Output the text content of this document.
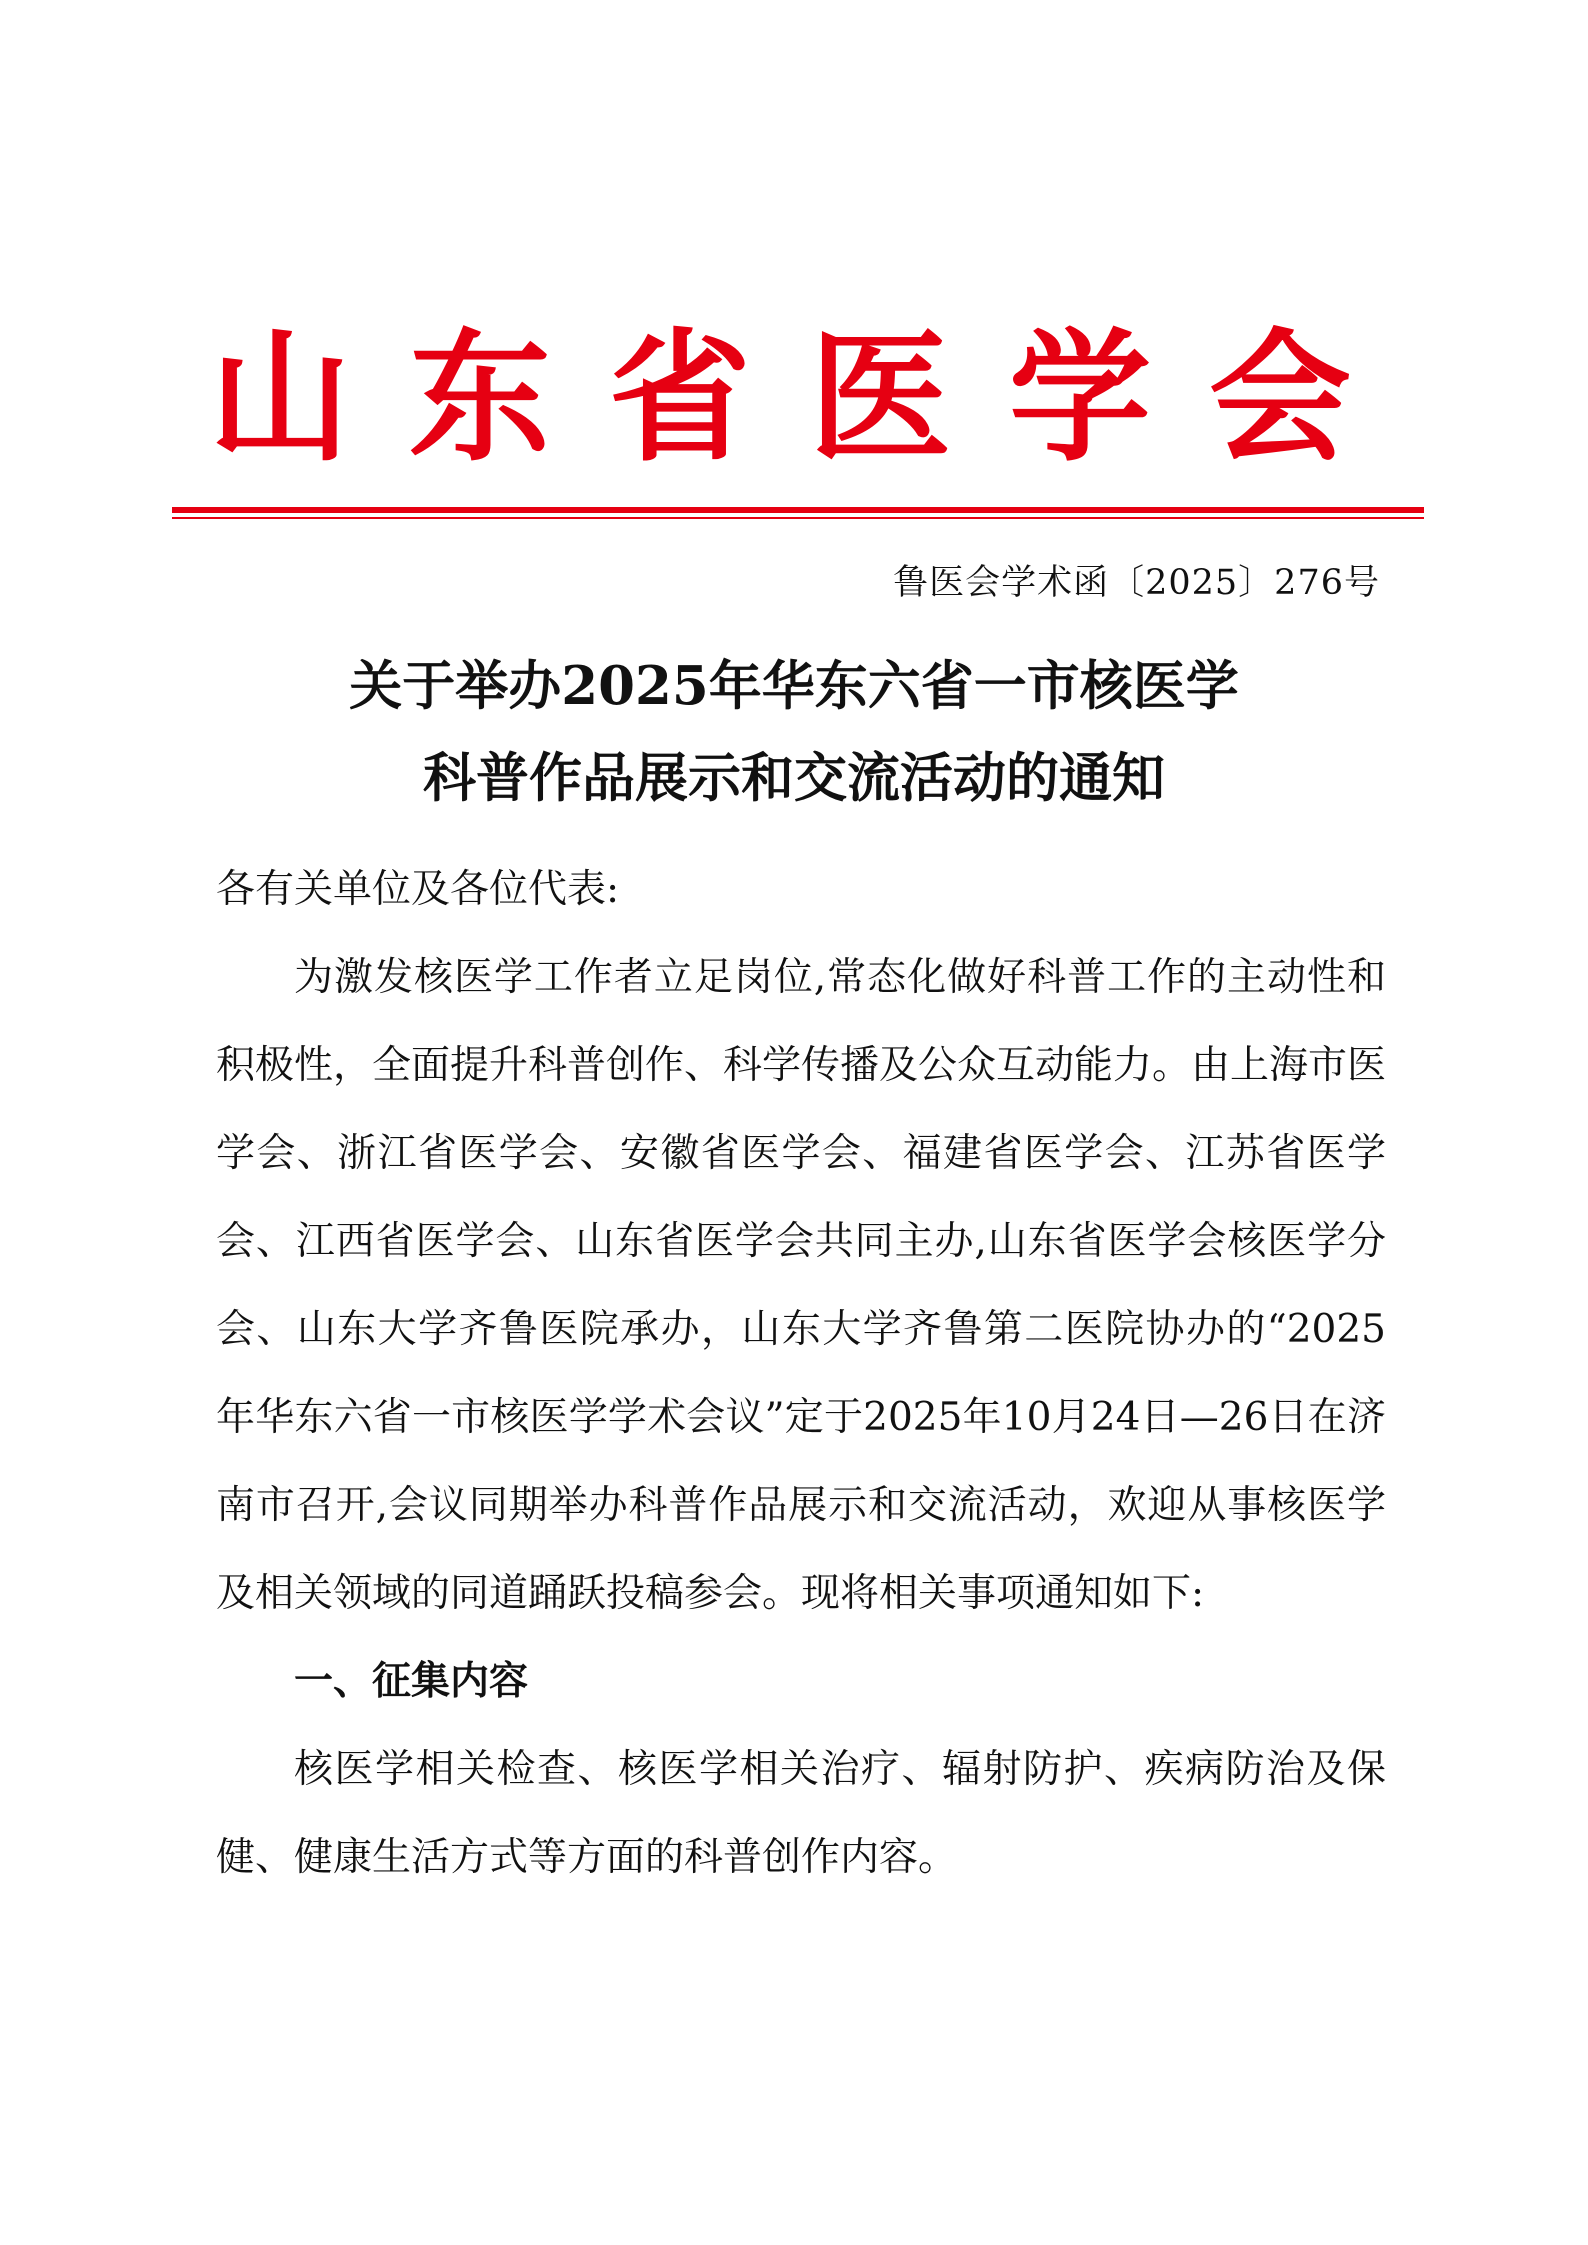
山东省医学会
鲁医会学术函〔2025〕276号
关于举办2025年华东六省一市核医学
科普作品展示和交流活动的通知

各有关单位及各位代表:

为激发核医学工作者立足岗位,常态化做好科普工作的主动性和积极性，全面提升科普创作、科学传播及公众互动能力。由上海市医学会、浙江省医学会、安徽省医学会、福建省医学会、江苏省医学会、江西省医学会、山东省医学会共同主办,山东省医学会核医学分会、山东大学齐鲁医院承办，山东大学齐鲁第二医院协办的“2025年华东六省一市核医学学术会议”定于2025年10月24日—26日在济南市召开,会议同期举办科普作品展示和交流活动，欢迎从事核医学及相关领域的同道踊跃投稿参会。现将相关事项通知如下:

一、征集内容

核医学相关检查、核医学相关治疗、辐射防护、疾病防治及保健、健康生活方式等方面的科普创作内容。
